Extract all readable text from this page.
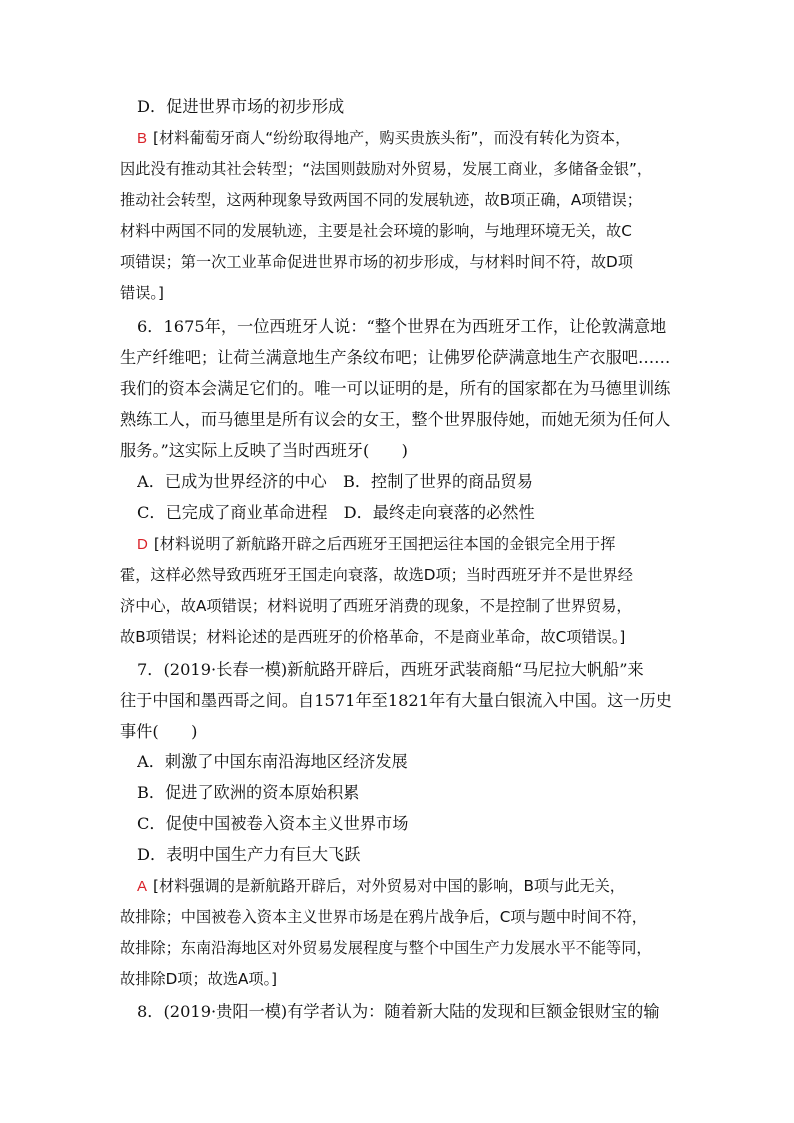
D．促进世界市场的初步形成
B [材料葡萄牙商人“纷纷取得地产，购买贵族头衔”，而没有转化为资本，
因此没有推动其社会转型；“法国则鼓励对外贸易，发展工商业，多储备金银”，
推动社会转型，这两种现象导致两国不同的发展轨迹，故B项正确，A项错误；
材料中两国不同的发展轨迹，主要是社会环境的影响，与地理环境无关，故C
项错误；第一次工业革命促进世界市场的初步形成，与材料时间不符，故D项
错误。]
6．1675年，一位西班牙人说：“整个世界在为西班牙工作，让伦敦满意地
生产纤维吧；让荷兰满意地生产条纹布吧；让佛罗伦萨满意地生产衣服吧……
我们的资本会满足它们的。唯一可以证明的是，所有的国家都在为马德里训练
熟练工人，而马德里是所有议会的女王，整个世界服侍她，而她无须为任何人
服务。”这实际上反映了当时西班牙(　　)
A．已成为世界经济的中心　B．控制了世界的商品贸易
C．已完成了商业革命进程　D．最终走向衰落的必然性
D [材料说明了新航路开辟之后西班牙王国把运往本国的金银完全用于挥
霍，这样必然导致西班牙王国走向衰落，故选D项；当时西班牙并不是世界经
济中心，故A项错误；材料说明了西班牙消费的现象，不是控制了世界贸易，
故B项错误；材料论述的是西班牙的价格革命，不是商业革命，故C项错误。]
7．(2019·长春一模)新航路开辟后，西班牙武装商船“马尼拉大帆船”来
往于中国和墨西哥之间。自1571年至1821年有大量白银流入中国。这一历史
事件(　　)
A．刺激了中国东南沿海地区经济发展
B．促进了欧洲的资本原始积累
C．促使中国被卷入资本主义世界市场
D．表明中国生产力有巨大飞跃
A [材料强调的是新航路开辟后，对外贸易对中国的影响，B项与此无关，
故排除；中国被卷入资本主义世界市场是在鸦片战争后，C项与题中时间不符，
故排除；东南沿海地区对外贸易发展程度与整个中国生产力发展水平不能等同，
故排除D项；故选A项。]
8．(2019·贵阳一模)有学者认为：随着新大陆的发现和巨额金银财宝的输
